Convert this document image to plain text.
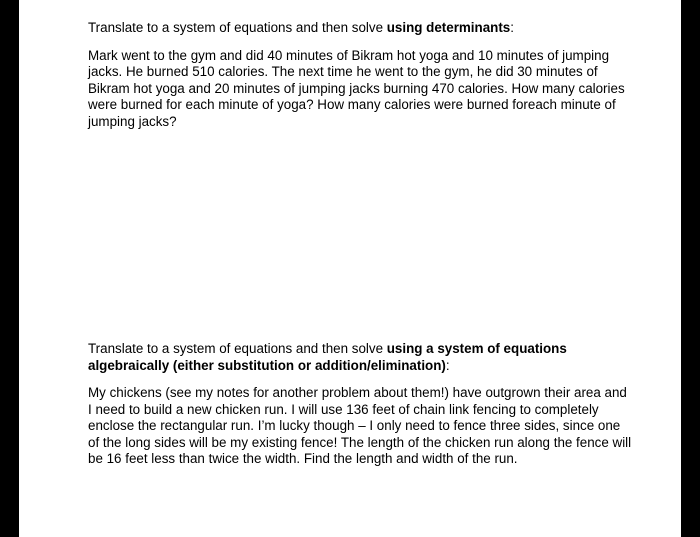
Translate to a system of equations and then solve using determinants:

Mark went to the gym and did 40 minutes of Bikram hot yoga and 10 minutes of jumping jacks. He burned 510 calories. The next time he went to the gym, he did 30 minutes of Bikram hot yoga and 20 minutes of jumping jacks burning 470 calories. How many calories were burned for each minute of yoga? How many calories were burned foreach minute of jumping jacks?

Translate to a system of equations and then solve using a system of equations algebraically (either substitution or addition/elimination):

My chickens (see my notes for another problem about them!) have outgrown their area and I need to build a new chicken run. I will use 136 feet of chain link fencing to completely enclose the rectangular run. I’m lucky though – I only need to fence three sides, since one of the long sides will be my existing fence! The length of the chicken run along the fence will be 16 feet less than twice the width. Find the length and width of the run.
